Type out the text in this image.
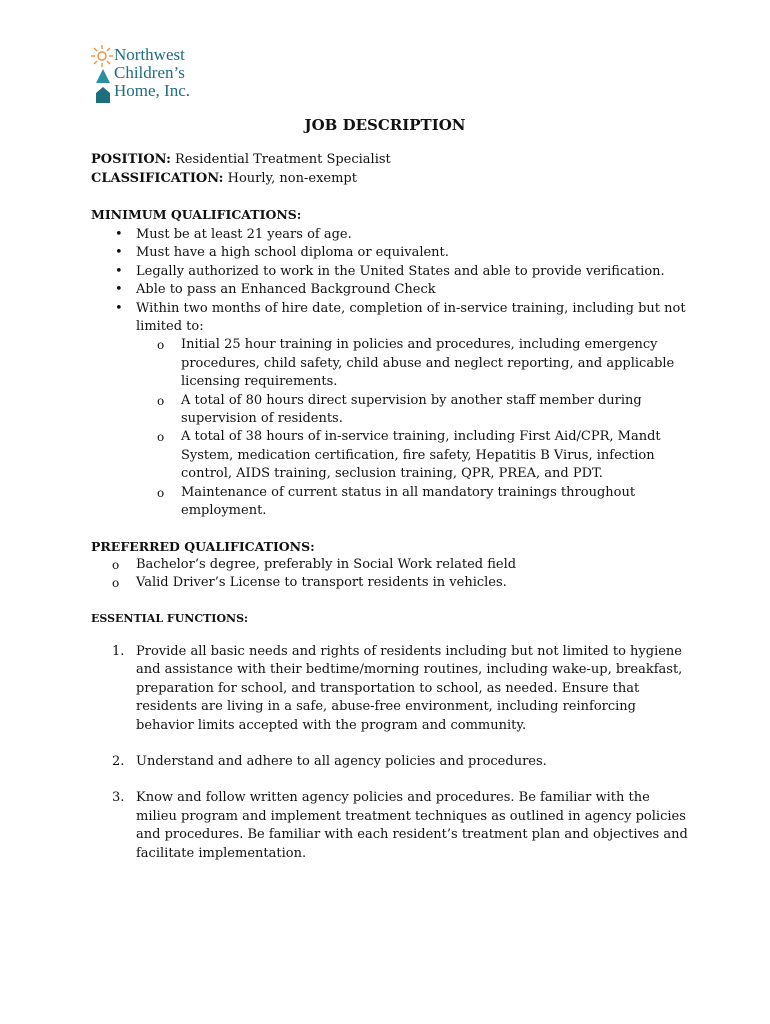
Northwest
Children’s
Home, Inc.
JOB DESCRIPTION
POSITION: Residential Treatment Specialist
CLASSIFICATION: Hourly, non-exempt
MINIMUM QUALIFICATIONS:
• Must be at least 21 years of age.
• Must have a high school diploma or equivalent.
• Legally authorized to work in the United States and able to provide verification.
• Able to pass an Enhanced Background Check
• Within two months of hire date, completion of in-service training, including but not limited to:
o Initial 25 hour training in policies and procedures, including emergency procedures, child safety, child abuse and neglect reporting, and applicable licensing requirements.
o A total of 80 hours direct supervision by another staff member during supervision of residents.
o A total of 38 hours of in-service training, including First Aid/CPR, Mandt System, medication certification, fire safety, Hepatitis B Virus, infection control, AIDS training, seclusion training, QPR, PREA, and PDT.
o Maintenance of current status in all mandatory trainings throughout employment.
PREFERRED QUALIFICATIONS:
o Bachelor’s degree, preferably in Social Work related field
o Valid Driver’s License to transport residents in vehicles.
ESSENTIAL FUNCTIONS:
1. Provide all basic needs and rights of residents including but not limited to hygiene and assistance with their bedtime/morning routines, including wake-up, breakfast, preparation for school, and transportation to school, as needed. Ensure that residents are living in a safe, abuse-free environment, including reinforcing behavior limits accepted with the program and community.
2. Understand and adhere to all agency policies and procedures.
3. Know and follow written agency policies and procedures. Be familiar with the milieu program and implement treatment techniques as outlined in agency policies and procedures. Be familiar with each resident’s treatment plan and objectives and facilitate implementation.
